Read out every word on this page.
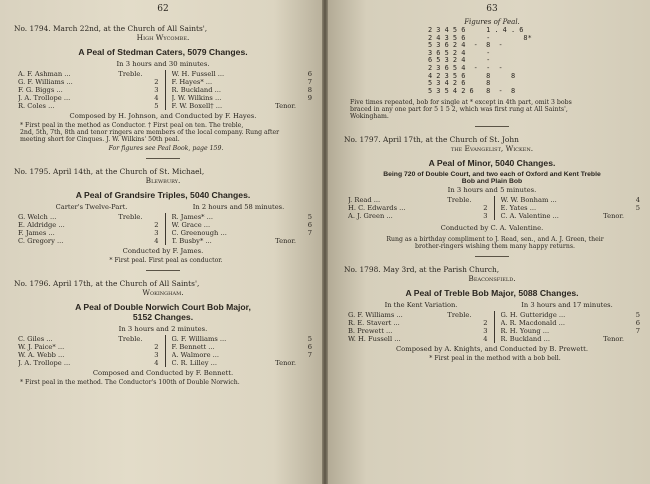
62
No. 1794. March 22nd, at the Church of All Saints',
High Wycombe.
A Peal of Stedman Caters, 5079 Changes.
In 3 hours and 30 minutes.
A. F. Ashman ...	Treble.
G. F. Williams ...	2
F. G. Biggs ...	3
J. A. Trollope ...	4
R. Coles ...	5
W. H. Fussell ...	6
F. Hayes* ...	7
R. Buckland ...	8
J. W. Wilkins ...	9
F. W. Boxell† ...	Tenor.
Composed by H. Johnson, and Conducted by F. Hayes.
* First peal in the method as Conductor. † First peal on ten. The treble,
2nd, 5th, 7th, 8th and tenor ringers are members of the local company. Rung after
meeting short for Cinques. J. W. Wilkins' 50th peal.
For figures see Peal Book, page 159.
No. 1795. April 14th, at the Church of St. Michael,
Blewbury.
A Peal of Grandsire Triples, 5040 Changes.
Carter's Twelve-Part.	In 2 hours and 58 minutes.
G. Welch ...	Treble.
E. Aldridge ...	2
F. James ...	3
C. Gregory ...	4
R. James* ...	5
W. Grace ...	6
C. Greenough ...	7
T. Busby* ...	Tenor.
Conducted by F. James.
* First peal. First peal as conductor.
No. 1796. April 17th, at the Church of All Saints',
Wokingham.
A Peal of Double Norwich Court Bob Major,
5152 Changes.
In 3 hours and 2 minutes.
C. Giles ...	Treble.
W. J. Paice* ...	2
W. A. Webb ...	3
J. A. Trollope ...	4
G. F. Williams ...	5
F. Bennett ...	6
A. Walmore ...	7
C. R. Lilley ...	Tenor.
Composed and Conducted by F. Bennett.
* First peal in the method. The Conductor's 100th of Double Norwich.
63
Figures of Peal.
2 3 4 5 6     1 . 4 . 6
2 4 3 5 6     -        8*
5 3 6 2 4  -  8  -
3 6 5 2 4     -
6 5 3 2 4     -
2 3 6 5 4  -  -  -
4 2 3 5 6     8     8
5 3 4 2 6     8
5 3 5 4 2 6   8  -  8
Five times repeated, bob for single at * except in 4th part, omit 3 bobs
braced in any one part for 5 1 5 2, which was first rung at All Saints',
Wokingham.
No. 1797. April 17th, at the Church of St. John
the Evangelist, Wicken.
A Peal of Minor, 5040 Changes.
Being 720 of Double Court, and two each of Oxford and Kent Treble
Bob and Plain Bob
In 3 hours and 5 minutes.
J. Read ...	Treble.
H. C. Edwards ...	2
A. J. Green ...	3
W. W. Bonham ...	4
E. Yates ...	5
C. A. Valentine ...	Tenor.
Conducted by C. A. Valentine.
Rung as a birthday compliment to J. Read, sen., and A. J. Green, their
brother-ringers wishing them many happy returns.
No. 1798. May 3rd, at the Parish Church,
Beaconsfield.
A Peal of Treble Bob Major, 5088 Changes.
In the Kent Variation.	In 3 hours and 17 minutes.
G. F. Williams ...	Treble.
R. E. Stavert ...	2
B. Prewett ...	3
W. H. Fussell ...	4
G. H. Gutteridge ...	5
A. R. Macdonald ...	6
R. H. Young ...	7
R. Buckland ...	Tenor.
Composed by A. Knights, and Conducted by B. Prewett.
* First peal in the method with a bob bell.
